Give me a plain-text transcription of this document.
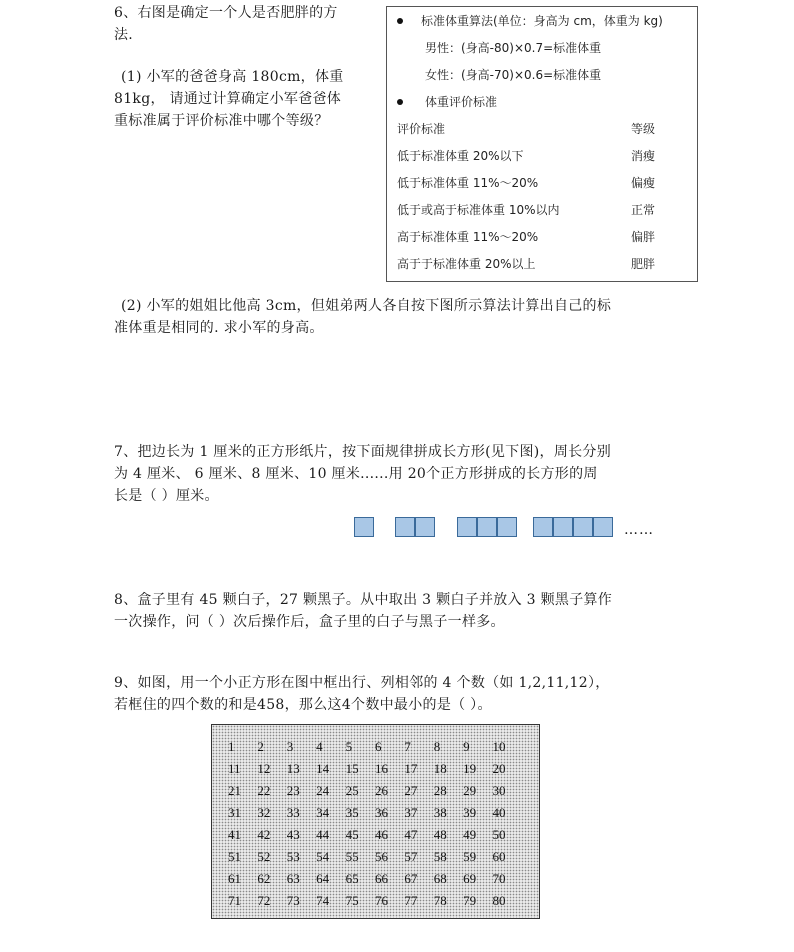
6、右图是确定一个人是否肥胖的方
法.
(1) 小军的爸爸身高 180cm，体重
81kg， 请通过计算确定小军爸爸体
重标准属于评价标准中哪个等级？
标准体重算法(单位：身高为 cm，体重为 kg)
男性：(身高-80)×0.7=标准体重
女性：(身高-70)×0.6=标准体重
体重评价标准
评价标准	等级
低于标准体重 20%以下	消瘦
低于标准体重 11%～20%	偏瘦
低于或高于标准体重 10%以内	正常
高于标准体重 11%～20%	偏胖
高于于标准体重 20%以上	肥胖
(2) 小军的姐姐比他高 3cm，但姐弟两人各自按下图所示算法计算出自己的标
准体重是相同的. 求小军的身高。
7、把边长为 1 厘米的正方形纸片，按下面规律拼成长方形(见下图)，周长分别
为 4 厘米、 6 厘米、8 厘米、10 厘米......用 20个正方形拼成的长方形的周
长是（ ）厘米。
……
8、盒子里有 45 颗白子，27 颗黑子。从中取出 3 颗白子并放入 3 颗黑子算作
一次操作，问（ ）次后操作后，盒子里的白子与黑子一样多。
9、如图，用一个小正方形在图中框出行、列相邻的 4 个数（如 1,2,11,12），
若框住的四个数的和是458，那么这4个数中最小的是（ ）。
1	2	3	4	5	6	7	8	9	10
11	12	13	14	15	16	17	18	19	20
21	22	23	24	25	26	27	28	29	30
31	32	33	34	35	36	37	38	39	40
41	42	43	44	45	46	47	48	49	50
51	52	53	54	55	56	57	58	59	60
61	62	63	64	65	66	67	68	69	70
71	72	73	74	75	76	77	78	79	80
